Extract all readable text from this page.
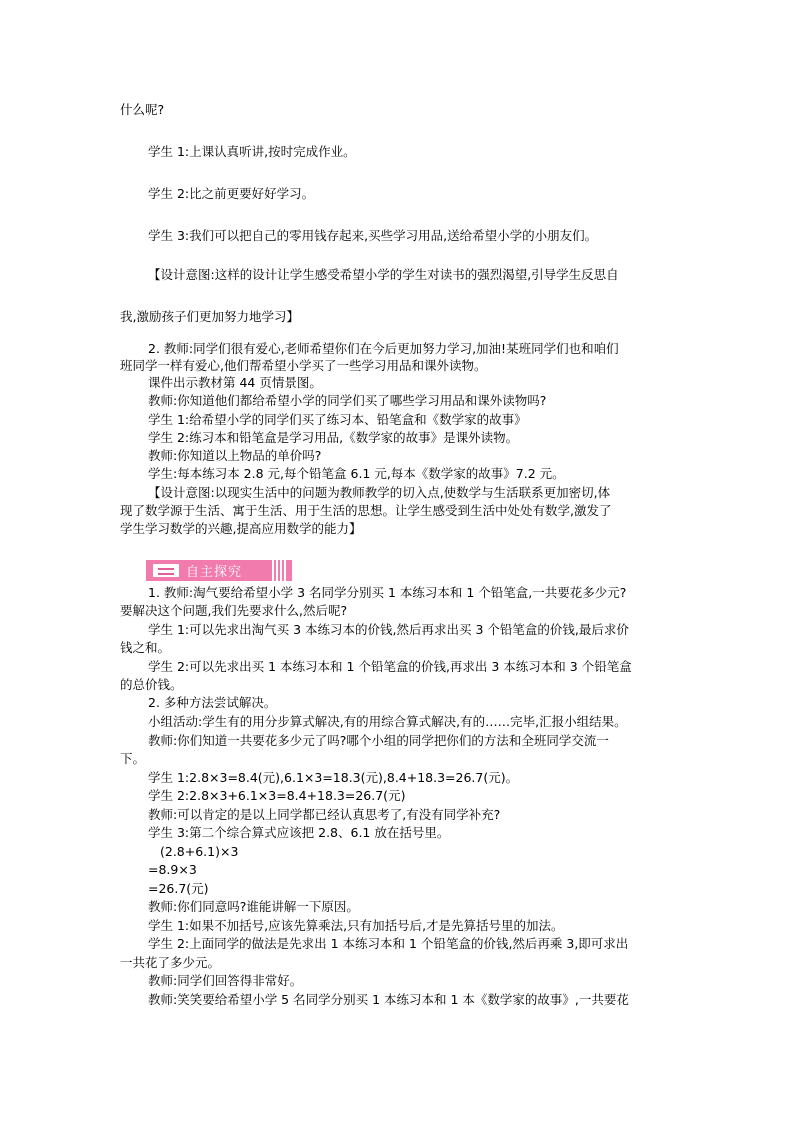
什么呢?

学生 1:上课认真听讲,按时完成作业。

学生 2:比之前更要好好学习。

学生 3:我们可以把自己的零用钱存起来,买些学习用品,送给希望小学的小朋友们。

【设计意图:这样的设计让学生感受希望小学的学生对读书的强烈渴望,引导学生反思自

我,激励孩子们更加努力地学习】

2. 教师:同学们很有爱心,老师希望你们在今后更加努力学习,加油!某班同学们也和咱们

班同学一样有爱心,他们帮希望小学买了一些学习用品和课外读物。

课件出示教材第 44 页情景图。

教师:你知道他们都给希望小学的同学们买了哪些学习用品和课外读物吗?

学生 1:给希望小学的同学们买了练习本、铅笔盒和《数学家的故事》

学生 2:练习本和铅笔盒是学习用品,《数学家的故事》是课外读物。

教师:你知道以上物品的单价吗?

学生:每本练习本 2.8 元,每个铅笔盒 6.1 元,每本《数学家的故事》7.2 元。

【设计意图:以现实生活中的问题为教师教学的切入点,使数学与生活联系更加密切,体

现了数学源于生活、寓于生活、用于生活的思想。让学生感受到生活中处处有数学,激发了

学生学习数学的兴趣,提高应用数学的能力】

1. 教师:淘气要给希望小学 3 名同学分别买 1 本练习本和 1 个铅笔盒,一共要花多少元?

要解决这个问题,我们先要求什么,然后呢?

学生 1:可以先求出淘气买 3 本练习本的价钱,然后再求出买 3 个铅笔盒的价钱,最后求价

钱之和。

学生 2:可以先求出买 1 本练习本和 1 个铅笔盒的价钱,再求出 3 本练习本和 3 个铅笔盒

的总价钱。

2. 多种方法尝试解决。

小组活动:学生有的用分步算式解决,有的用综合算式解决,有的……完毕,汇报小组结果。

教师:你们知道一共要花多少元了吗?哪个小组的同学把你们的方法和全班同学交流一

下。

学生 1:2.8×3=8.4(元),6.1×3=18.3(元),8.4+18.3=26.7(元)。

学生 2:2.8×3+6.1×3=8.4+18.3=26.7(元)

教师:可以肯定的是以上同学都已经认真思考了,有没有同学补充?

学生 3:第二个综合算式应该把 2.8、6.1 放在括号里。

(2.8+6.1)×3

=8.9×3

=26.7(元)

教师:你们同意吗?谁能讲解一下原因。

学生 1:如果不加括号,应该先算乘法,只有加括号后,才是先算括号里的加法。

学生 2:上面同学的做法是先求出 1 本练习本和 1 个铅笔盒的价钱,然后再乘 3,即可求出

一共花了多少元。

教师:同学们回答得非常好。

教师:笑笑要给希望小学 5 名同学分别买 1 本练习本和 1 本《数学家的故事》,一共要花

自主探究
